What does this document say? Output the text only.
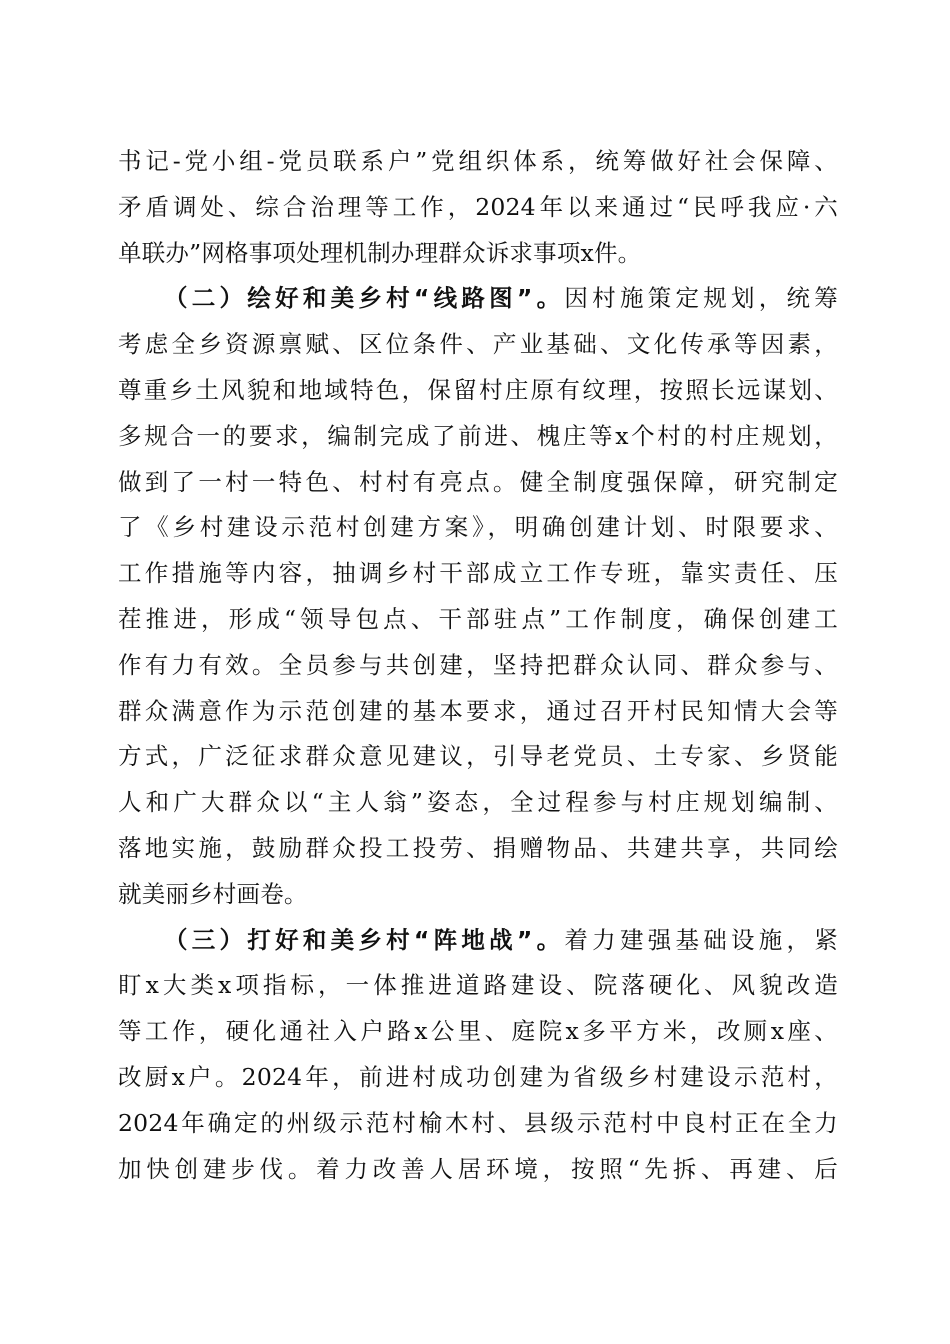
书记-党小组-党员联系户”党组织体系，统筹做好社会保障、
矛盾调处、综合治理等工作，2024年以来通过“民呼我应·六
单联办”网格事项处理机制办理群众诉求事项x件。
（二）绘好和美乡村“线路图”。因村施策定规划，统筹
考虑全乡资源禀赋、区位条件、产业基础、文化传承等因素，
尊重乡土风貌和地域特色，保留村庄原有纹理，按照长远谋划、
多规合一的要求，编制完成了前进、槐庄等x个村的村庄规划，
做到了一村一特色、村村有亮点。健全制度强保障，研究制定
了《乡村建设示范村创建方案》，明确创建计划、时限要求、
工作措施等内容，抽调乡村干部成立工作专班，靠实责任、压
茬推进，形成“领导包点、干部驻点”工作制度，确保创建工
作有力有效。全员参与共创建，坚持把群众认同、群众参与、
群众满意作为示范创建的基本要求，通过召开村民知情大会等
方式，广泛征求群众意见建议，引导老党员、土专家、乡贤能
人和广大群众以“主人翁”姿态，全过程参与村庄规划编制、
落地实施，鼓励群众投工投劳、捐赠物品、共建共享，共同绘
就美丽乡村画卷。
（三）打好和美乡村“阵地战”。着力建强基础设施，紧
盯x大类x项指标，一体推进道路建设、院落硬化、风貌改造
等工作，硬化通社入户路x公里、庭院x多平方米，改厕x座、
改厨x户。2024年，前进村成功创建为省级乡村建设示范村，
2024年确定的州级示范村榆木村、县级示范村中良村正在全力
加快创建步伐。着力改善人居环境，按照“先拆、再建、后
